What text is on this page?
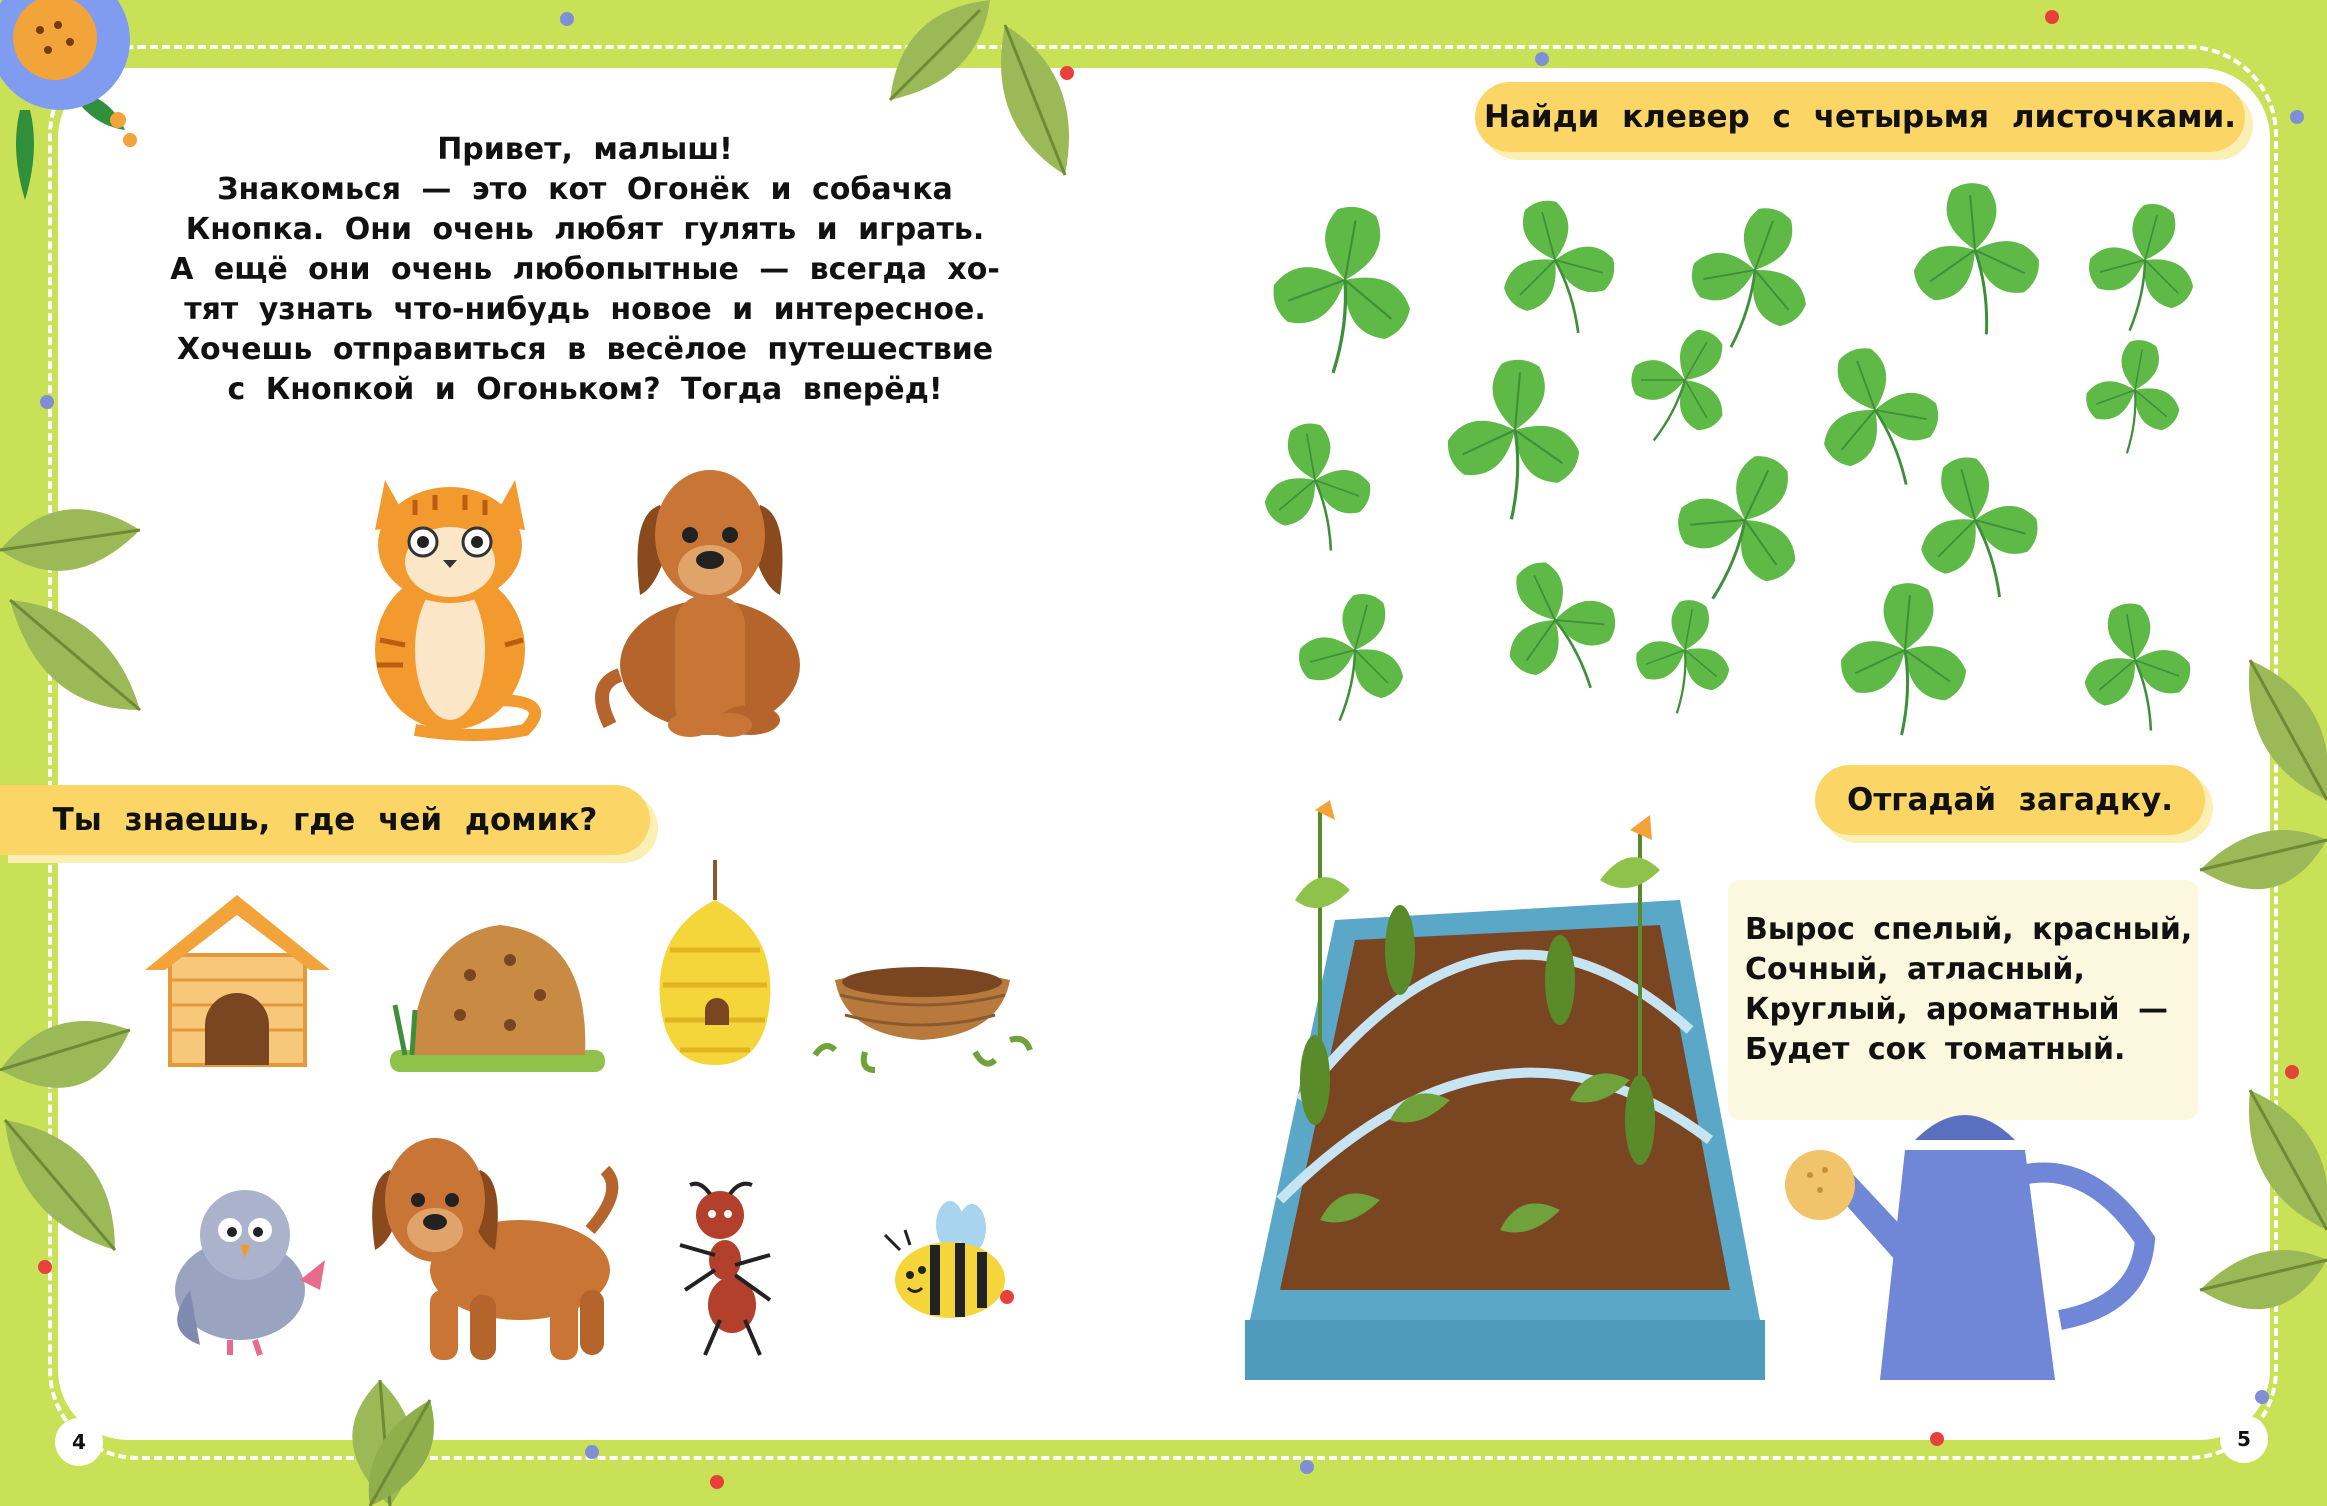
Привет, малыш!
Знакомься — это кот Огонёк и собачка
Кнопка. Они очень любят гулять и играть.
А ещё они очень любопытные — всегда хо-
тят узнать что-нибудь новое и интересное.
Хочешь отправиться в весёлое путешествие
с Кнопкой и Огоньком? Тогда вперёд!
Ты знаешь, где чей домик?
4
Найди клевер с четырьмя листочками.
Отгадай загадку.
Вырос спелый, красный,
Сочный, атласный,
Круглый, ароматный —
Будет сок томатный.
5
